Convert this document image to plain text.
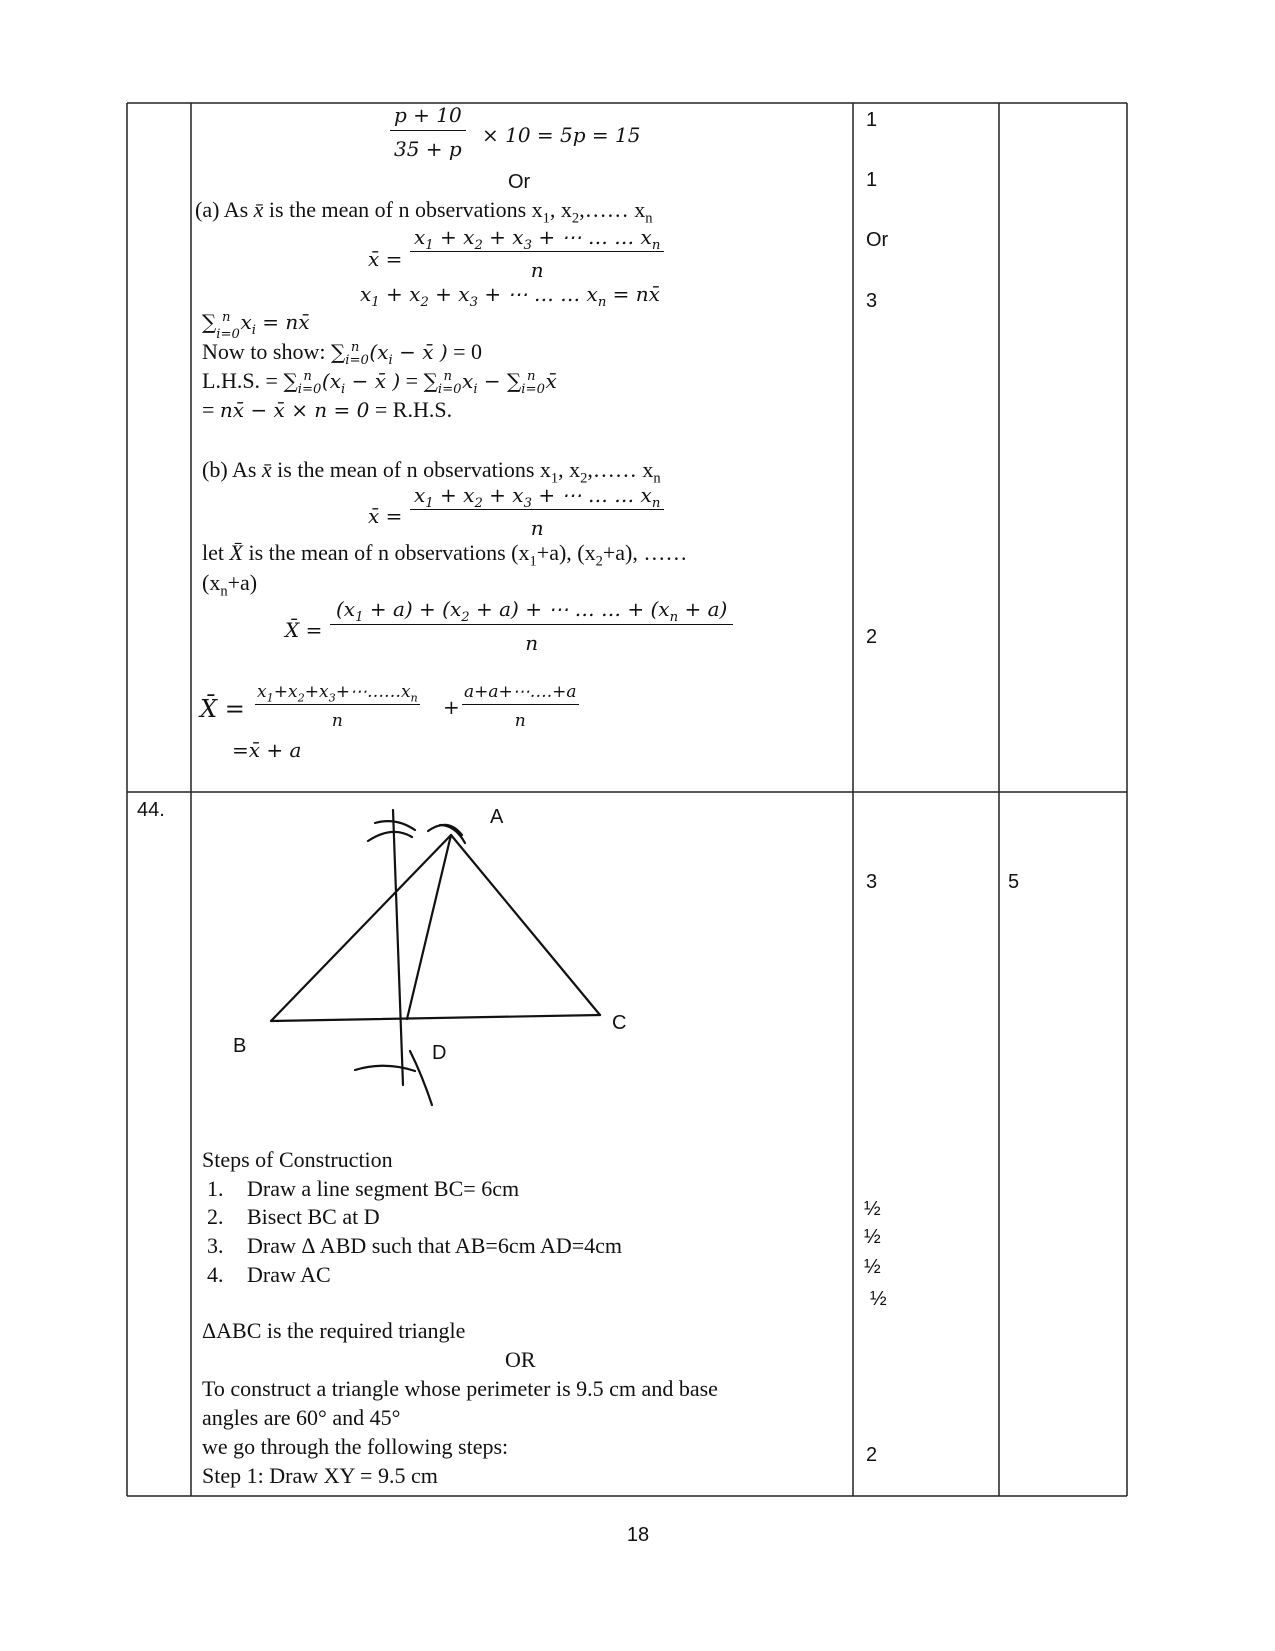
$\frac{p + 10}{35 + p} \times 10 = 5p = 15$
Or
(a) As x̄ is the mean of n observations $x_1$, $x_2,\dots\dots$ $x_n$
x̄ = $\frac{x_1 + x_2 + x_3 + \cdots \dots \dots x_n}{n}$
$x_1 + x_2 + x_3$ + ⋯ … … $x_n$ = nx̄
$\sum_{i=0}^n$ $x_i$ = nx̄
Now to show: $\sum_{i=0}^n$ ($x_i$ − x̄ ) = 0
L.H.S. = $\sum_{i=0}^n$ ($x_i$ − x̄ ) = $\sum_{i=0}^n$ $x_i - \sum_{i=0}^n$ x̄
= nx̄ − x̄ × n = 0 = R.H.S.
(b) As x̄ is the mean of n observations $x_1$, $x_2,\dots\dots$ $x_n$
x̄ = $\frac{x_1 + x_2 + x_3 + \cdots \dots \dots x_n}{n}$
let X̄ is the mean of n observations $(x_1+a)$, $(x_2+a)$, ……
$(x_n+a)$
X̄ = $\frac{(x_1 + a) + (x_2 + a) + \cdots \dots \dots + (x_n + a)}{n}$
X̄ = $\frac{x_1+x_2+x_3+\cdots\dots\dots x_n}{n} + \frac{a+a+\cdots\dots.+a}{n}$
=x̄ + a
1
1
Or
3
2
44.	A
B
C
D
3	5
Steps of Construction
1. Draw a line segment BC= 6cm
2. Bisect BC at D
3. Draw Δ ABD such that AB=6cm AD=4cm
4. Draw AC
½
½
½
½
ΔABC is the required triangle
OR
To construct a triangle whose perimeter is 9.5 cm and base
angles are 60° and 45°
we go through the following steps:
Step 1: Draw XY = 9.5 cm
2
18
